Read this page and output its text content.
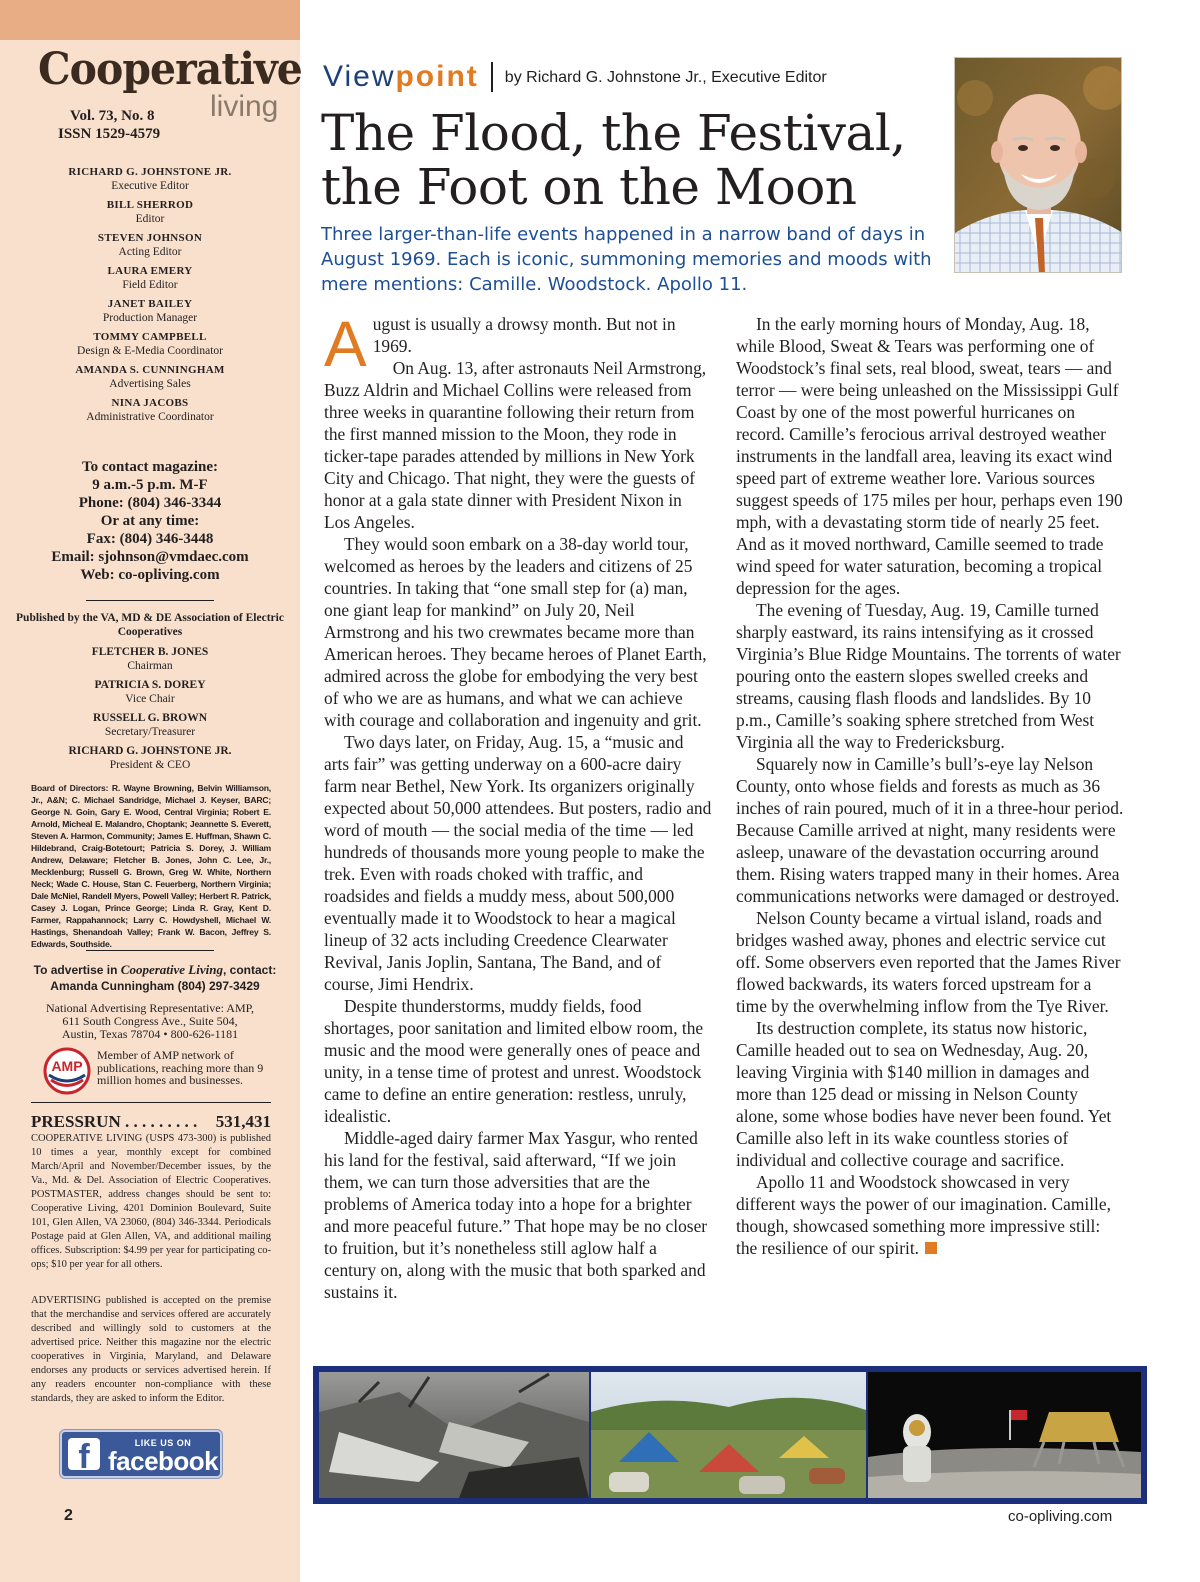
Cooperative
living
Vol. 73, No. 8
ISSN 1529-4579
RICHARD G. JOHNSTONE JR.
Executive Editor
BILL SHERROD
Editor
STEVEN JOHNSON
Acting Editor
LAURA EMERY
Field Editor
JANET BAILEY
Production Manager
TOMMY CAMPBELL
Design & E-Media Coordinator
AMANDA S. CUNNINGHAM
Advertising Sales
NINA JACOBS
Administrative Coordinator
To contact magazine:
9 a.m.-5 p.m. M-F
Phone: (804) 346-3344
Or at any time:
Fax: (804) 346-3448
Email: sjohnson@vmdaec.com
Web: co-opliving.com
Published by the VA, MD & DE Association of Electric Cooperatives
FLETCHER B. JONES
Chairman
PATRICIA S. DOREY
Vice Chair
RUSSELL G. BROWN
Secretary/Treasurer
RICHARD G. JOHNSTONE JR.
President & CEO
Board of Directors: R. Wayne Browning, Belvin Williamson, Jr., A&N; C. Michael Sandridge, Michael J. Keyser, BARC; George N. Goin, Gary E. Wood, Central Virginia; Robert E. Arnold, Micheal E. Malandro, Choptank; Jeannette S. Everett, Steven A. Harmon, Community; James E. Huffman, Shawn C. Hildebrand, Craig-Botetourt; Patricia S. Dorey, J. William Andrew, Delaware; Fletcher B. Jones, John C. Lee, Jr., Mecklenburg; Russell G. Brown, Greg W. White, Northern Neck; Wade C. House, Stan C. Feuerberg, Northern Virginia; Dale McNiel, Randell Myers, Powell Valley; Herbert R. Patrick, Casey J. Logan, Prince George; Linda R. Gray, Kent D. Farmer, Rappahannock; Larry C. Howdyshell, Michael W. Hastings, Shenandoah Valley; Frank W. Bacon, Jeffrey S. Edwards, Southside.
To advertise in Cooperative Living, contact:
Amanda Cunningham (804) 297-3429
National Advertising Representative: AMP,
611 South Congress Ave., Suite 504,
Austin, Texas 78704 • 800-626-1181
AMP
Member of AMP network of publications, reaching more than 9 million homes and businesses.
PRESSRUN . . . . . . . . . 531,431
COOPERATIVE LIVING (USPS 473-300) is published 10 times a year, monthly except for combined March/April and November/December issues, by the Va., Md. & Del. Association of Electric Cooperatives. POSTMASTER, address changes should be sent to: Cooperative Living, 4201 Dominion Boulevard, Suite 101, Glen Allen, VA 23060, (804) 346-3344. Periodicals Postage paid at Glen Allen, VA, and additional mailing offices. Subscription: $4.99 per year for participating co-ops; $10 per year for all others.
ADVERTISING published is accepted on the premise that the merchandise and services offered are accurately described and willingly sold to customers at the advertised price. Neither this magazine nor the electric cooperatives in Virginia, Maryland, and Delaware endorses any products or services advertised herein. If any readers encounter non-compliance with these standards, they are asked to inform the Editor.
f	LIKE US ON
facebook
2
Viewpoint by Richard G. Johnstone Jr., Executive Editor
The Flood, the Festival,
the Foot on the Moon
Three larger-than-life events happened in a narrow band of days in August 1969. Each is iconic, summoning memories and moods with mere mentions: Camille. Woodstock. Apollo 11.

August is usually a drowsy month. But not in 1969.

On Aug. 13, after astronauts Neil Armstrong, Buzz Aldrin and Michael Collins were released from three weeks in quarantine following their return from the first manned mission to the Moon, they rode in ticker-tape parades attended by millions in New York City and Chicago. That night, they were the guests of honor at a gala state dinner with President Nixon in Los Angeles.

They would soon embark on a 38-day world tour, welcomed as heroes by the leaders and citizens of 25 countries. In taking that “one small step for (a) man, one giant leap for mankind” on July 20, Neil Armstrong and his two crewmates became more than American heroes. They became heroes of Planet Earth, admired across the globe for embodying the very best of who we are as humans, and what we can achieve with courage and collaboration and ingenuity and grit.

Two days later, on Friday, Aug. 15, a “music and arts fair” was getting underway on a 600-acre dairy farm near Bethel, New York. Its organizers originally expected about 50,000 attendees. But posters, radio and word of mouth — the social media of the time — led hundreds of thousands more young people to make the trek. Even with roads choked with traffic, and roadsides and fields a muddy mess, about 500,000 eventually made it to Woodstock to hear a magical lineup of 32 acts including Creedence Clearwater Revival, Janis Joplin, Santana, The Band, and of course, Jimi Hendrix.

Despite thunderstorms, muddy fields, food shortages, poor sanitation and limited elbow room, the music and the mood were generally ones of peace and unity, in a tense time of protest and unrest. Woodstock came to define an entire generation: restless, unruly, idealistic.

Middle-aged dairy farmer Max Yasgur, who rented his land for the festival, said afterward, “If we join them, we can turn those adversities that are the problems of America today into a hope for a brighter and more peaceful future.” That hope may be no closer to fruition, but it’s nonetheless still aglow half a century on, along with the music that both sparked and sustains it.

In the early morning hours of Monday, Aug. 18, while Blood, Sweat & Tears was performing one of Woodstock’s final sets, real blood, sweat, tears — and terror — were being unleashed on the Mississippi Gulf Coast by one of the most powerful hurricanes on record. Camille’s ferocious arrival destroyed weather instruments in the landfall area, leaving its exact wind speed part of extreme weather lore. Various sources suggest speeds of 175 miles per hour, perhaps even 190 mph, with a devastating storm tide of nearly 25 feet. And as it moved northward, Camille seemed to trade wind speed for water saturation, becoming a tropical depression for the ages.

The evening of Tuesday, Aug. 19, Camille turned sharply eastward, its rains intensifying as it crossed Virginia’s Blue Ridge Mountains. The torrents of water pouring onto the eastern slopes swelled creeks and streams, causing flash floods and landslides. By 10 p.m., Camille’s soaking sphere stretched from West Virginia all the way to Fredericksburg.

Squarely now in Camille’s bull’s-eye lay Nelson County, onto whose fields and forests as much as 36 inches of rain poured, much of it in a three-hour period. Because Camille arrived at night, many residents were asleep, unaware of the devastation occurring around them. Rising waters trapped many in their homes. Area communications networks were damaged or destroyed.

Nelson County became a virtual island, roads and bridges washed away, phones and electric service cut off. Some observers even reported that the James River flowed backwards, its waters forced upstream for a time by the overwhelming inflow from the Tye River.

Its destruction complete, its status now historic, Camille headed out to sea on Wednesday, Aug. 20, leaving Virginia with $140 million in damages and more than 125 dead or missing in Nelson County alone, some whose bodies have never been found. Yet Camille also left in its wake countless stories of individual and collective courage and sacrifice.

Apollo 11 and Woodstock showcased in very different ways the power of our imagination. Camille, though, showcased something more impressive still: the resilience of our spirit.

co-opliving.com
